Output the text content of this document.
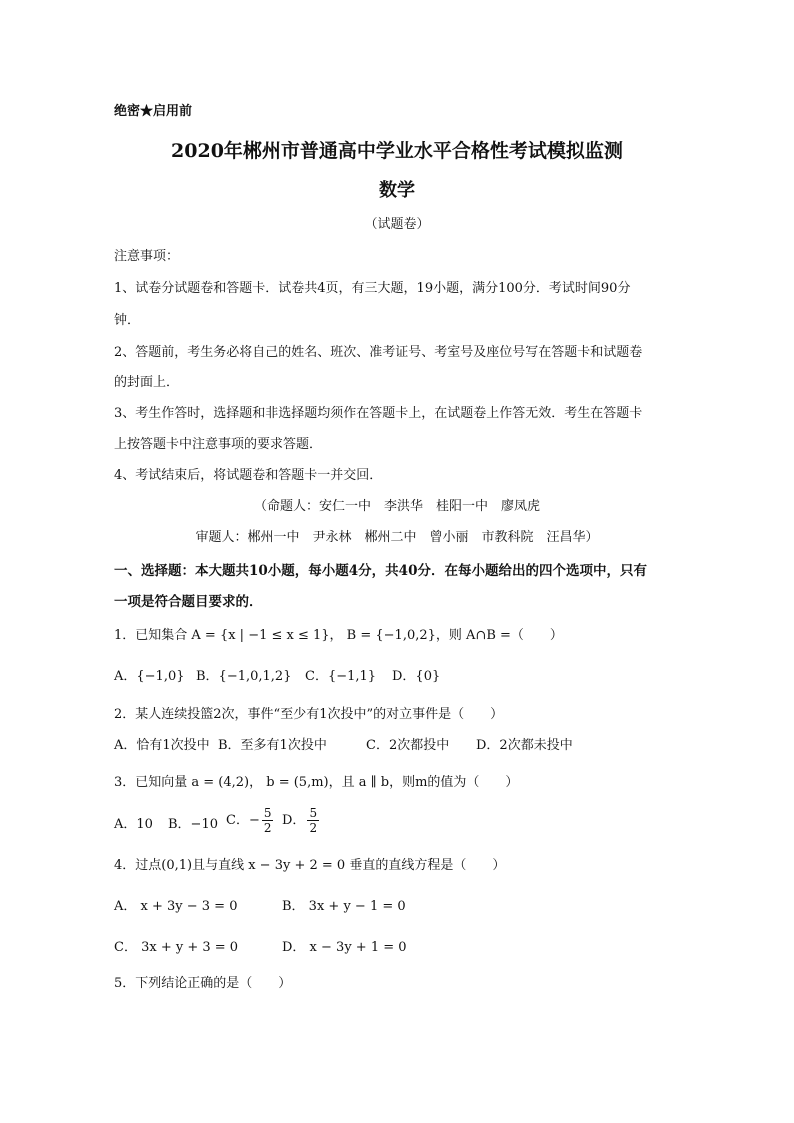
绝密★启用前
2020年郴州市普通高中学业水平合格性考试模拟监测
数学
（试题卷）
注意事项：
1、试卷分试题卷和答题卡．试卷共4页，有三大题，19小题，满分100分．考试时间90分
钟．
2、答题前，考生务必将自己的姓名、班次、准考证号、考室号及座位号写在答题卡和试题卷
的封面上．
3、考生作答时，选择题和非选择题均须作在答题卡上，在试题卷上作答无效．考生在答题卡
上按答题卡中注意事项的要求答题．
4、考试结束后，将试题卷和答题卡一并交回．
（命题人：安仁一中　李洪华　桂阳一中　廖凤虎
审题人：郴州一中　尹永林　郴州二中　曾小丽　市教科院　汪昌华）
一、选择题：本大题共10小题，每小题4分，共40分．在每小题给出的四个选项中，只有
一项是符合题目要求的．
1．已知集合 A = {x | −1 ≤ x ≤ 1}， B = {−1,0,2}，则 A∩B =（　　）
A．{−1,0} B．{−1,0,1,2} C．{−1,1} D．{0}
2．某人连续投篮2次，事件“至少有1次投中”的对立事件是（　　）
A．恰有1次投中 B．至多有1次投中	C．2次都投中 D．2次都未投中
3．已知向量 a = (4,2)， b = (5,m)，且 a ∥ b，则m的值为（　　）
A．10 B．−10 C．− $\frac{5}{2}$ D． $\frac{5}{2}$
4．过点(0,1)且与直线 x − 3y + 2 = 0 垂直的直线方程是（　　）
A． x + 3y − 3 = 0	B． 3x + y − 1 = 0
C． 3x + y + 3 = 0	D． x − 3y + 1 = 0
5．下列结论正确的是（　　）
